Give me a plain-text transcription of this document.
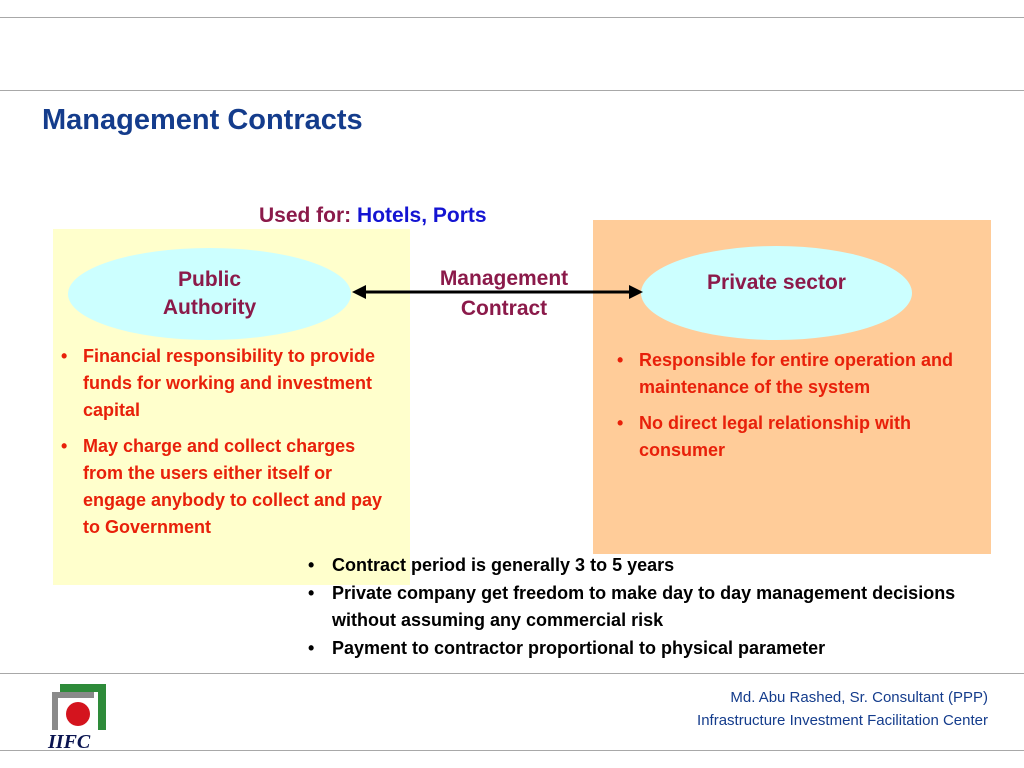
Management Contracts
Used for: Hotels, Ports
Public
Authority
Private sector
Management
Contract
• Financial responsibility to provide funds for working and investment capital
• May charge and collect charges from the users either itself or engage anybody to collect and pay to Government
• Responsible for entire operation and maintenance of the system
• No direct legal relationship with consumer
• Contract period is generally 3 to 5 years
• Private company get freedom to make day to day management decisions without assuming any commercial risk
• Payment to contractor proportional to physical parameter
IIFC
Md. Abu Rashed, Sr. Consultant (PPP)
Infrastructure Investment Facilitation Center
